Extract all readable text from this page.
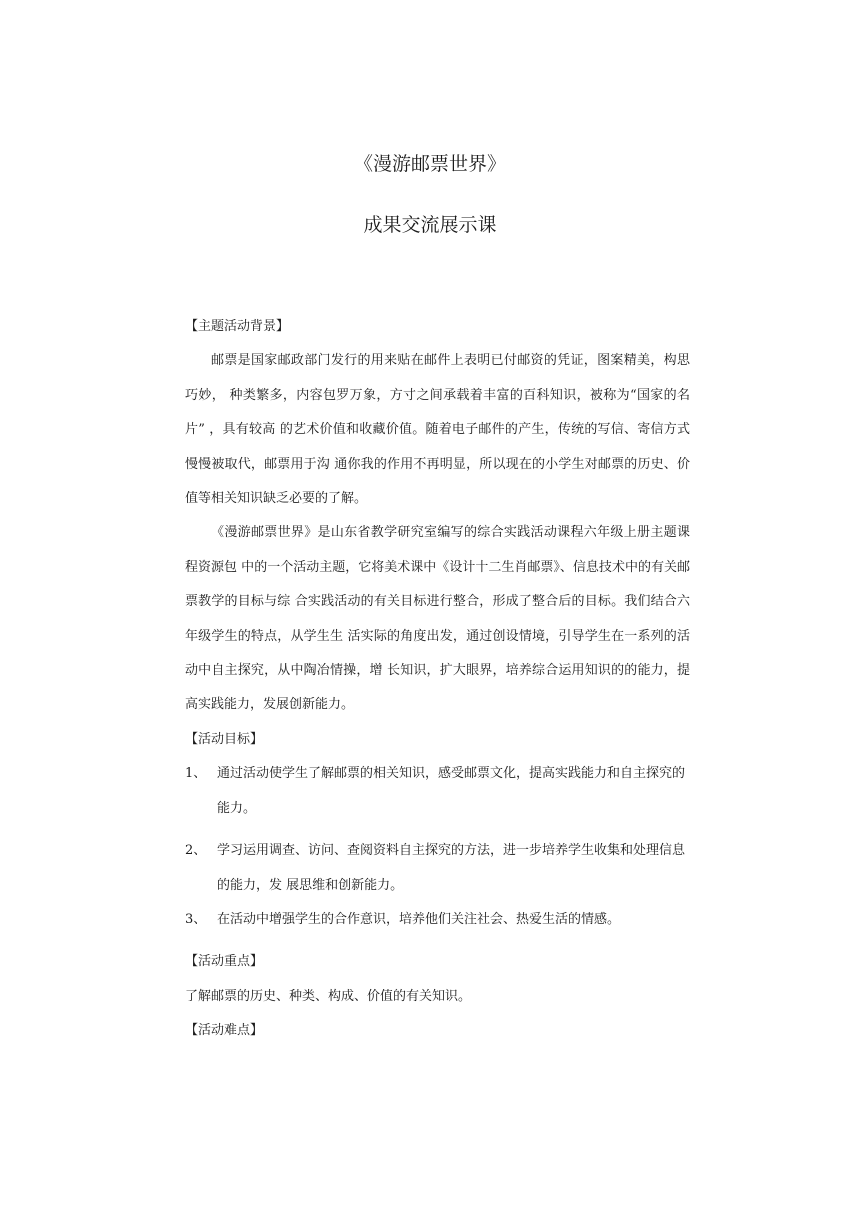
《漫游邮票世界》
成果交流展示课

【主题活动背景】

邮票是国家邮政部门发行的用来贴在邮件上表明已付邮资的凭证，图案精美，构思巧妙， 种类繁多，内容包罗万象，方寸之间承载着丰富的百科知识，被称为“国家的名片” ，具有较高 的艺术价值和收藏价值。随着电子邮件的产生，传统的写信、寄信方式慢慢被取代，邮票用于沟 通你我的作用不再明显，所以现在的小学生对邮票的历史、价值等相关知识缺乏必要的了解。

《漫游邮票世界》是山东省教学研究室编写的综合实践活动课程六年级上册主题课程资源包 中的一个活动主题，它将美术课中《设计十二生肖邮票》、信息技术中的有关邮票教学的目标与综 合实践活动的有关目标进行整合，形成了整合后的目标。我们结合六年级学生的特点，从学生生 活实际的角度出发，通过创设情境，引导学生在一系列的活动中自主探究，从中陶冶情操，增 长知识，扩大眼界，培养综合运用知识的的能力，提高实践能力，发展创新能力。

【活动目标】

1、 通过活动使学生了解邮票的相关知识，感受邮票文化，提高实践能力和自主探究的能力。
2、 学习运用调查、访问、查阅资料自主探究的方法，进一步培养学生收集和处理信息的能力，发 展思维和创新能力。
3、 在活动中增强学生的合作意识，培养他们关注社会、热爱生活的情感。

【活动重点】

了解邮票的历史、种类、构成、价值的有关知识。

【活动难点】
